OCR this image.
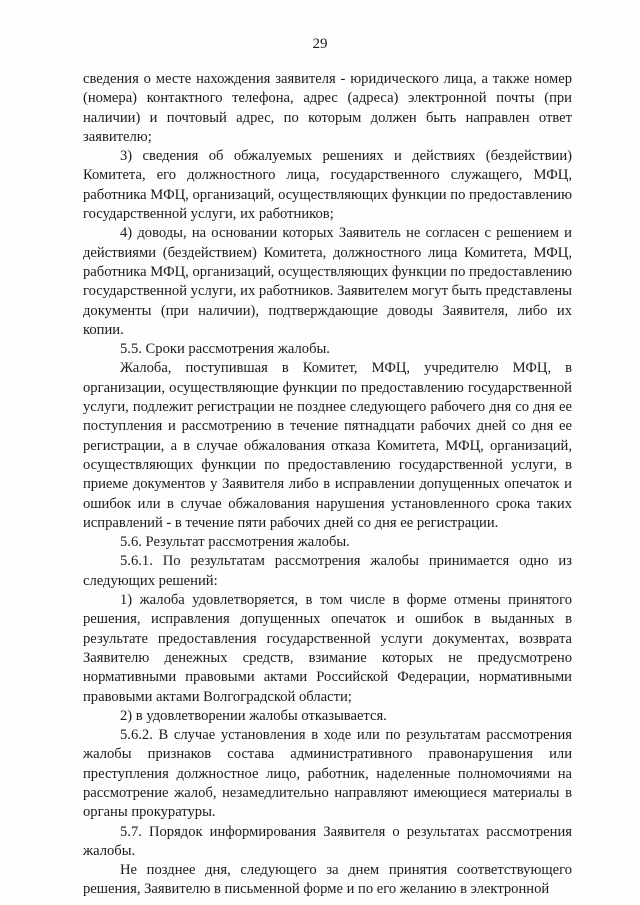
29

сведения о месте нахождения заявителя - юридического лица, а также номер (номера) контактного телефона, адрес (адреса) электронной почты (при наличии) и почтовый адрес, по которым должен быть направлен ответ заявителю;

3) сведения об обжалуемых решениях и действиях (бездействии) Комитета, его должностного лица, государственного служащего, МФЦ, работника МФЦ, организаций, осуществляющих функции по предоставлению государственной услуги, их работников;

4) доводы, на основании которых Заявитель не согласен с решением и действиями (бездействием) Комитета, должностного лица Комитета, МФЦ, работника МФЦ, организаций, осуществляющих функции по предоставлению государственной услуги, их работников. Заявителем могут быть представлены документы (при наличии), подтверждающие доводы Заявителя, либо их копии.

5.5. Сроки рассмотрения жалобы.

Жалоба, поступившая в Комитет, МФЦ, учредителю МФЦ, в организации, осуществляющие функции по предоставлению государственной услуги, подлежит регистрации не позднее следующего рабочего дня со дня ее поступления и рассмотрению в течение пятнадцати рабочих дней со дня ее регистрации, а в случае обжалования отказа Комитета, МФЦ, организаций, осуществляющих функции по предоставлению государственной услуги, в приеме документов у Заявителя либо в исправлении допущенных опечаток и ошибок или в случае обжалования нарушения установленного срока таких исправлений - в течение пяти рабочих дней со дня ее регистрации.

5.6. Результат рассмотрения жалобы.

5.6.1. По результатам рассмотрения жалобы принимается одно из следующих решений:

1) жалоба удовлетворяется, в том числе в форме отмены принятого решения, исправления допущенных опечаток и ошибок в выданных в результате предоставления государственной услуги документах, возврата Заявителю денежных средств, взимание которых не предусмотрено нормативными правовыми актами Российской Федерации, нормативными правовыми актами Волгоградской области;

2) в удовлетворении жалобы отказывается.

5.6.2. В случае установления в ходе или по результатам рассмотрения жалобы признаков состава административного правонарушения или преступления должностное лицо, работник, наделенные полномочиями на рассмотрение жалоб, незамедлительно направляют имеющиеся материалы в органы прокуратуры.

5.7. Порядок информирования Заявителя о результатах рассмотрения жалобы.

Не позднее дня, следующего за днем принятия соответствующего решения, Заявителю в письменной форме и по его желанию в электронной
